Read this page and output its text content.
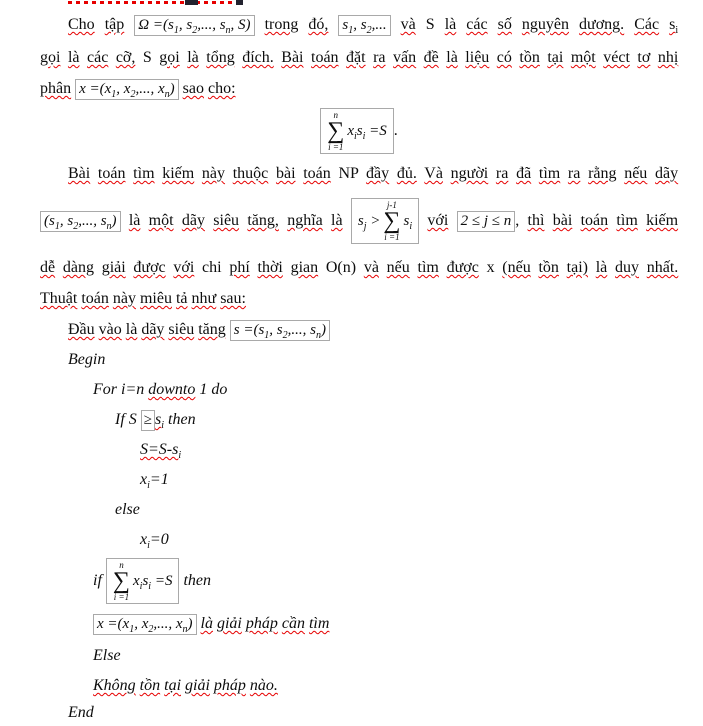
Cho tập $\Omega =(s_1$, $s_2$,..., $s_n$, S) trong đó, $s_1$, $s_2$,... và S là các số nguyên dương. Các $s_i$
gọi là các cỡ, S gọi là tổng đích. Bài toán đặt ra vấn đề là liệu có tồn tại một véct tơ nhị
phân $x =(x_1$, $x_2$,..., $x_n$) sao cho:
n
∑
i =1
$x_is_i =S$ .
Bài toán tìm kiếm này thuộc bài toán NP đầy đủ. Và người ra đã tìm ra rằng nếu dãy
($s_1$, $s_2$,..., $s_n$) là một dãy siêu tăng, nghĩa là $s_j$ >
j-1
∑
i =1
$s_i$ với 2 ≤ j ≤ n , thì bài toán tìm kiếm
dễ dàng giải được với chi phí thời gian O(n) và nếu tìm được x (nếu tồn tại) là duy nhất.
Thuật toán này miêu tả như sau:
Đầu vào là dãy siêu tăng $s =(s_1$, $s_2$,..., $s_n$)
Begin
For i=n downto 1 do
If $S \ge s_i$ then
$S=S-s_i$
$x_i=1$
else
$x_i=0$
if
n
∑
i =1
$x_is_i =S$ then
$x =(x_1$, $x_2$,..., $x_n$) là giải pháp cần tìm
Else
Không tồn tại giải pháp nào.
End
